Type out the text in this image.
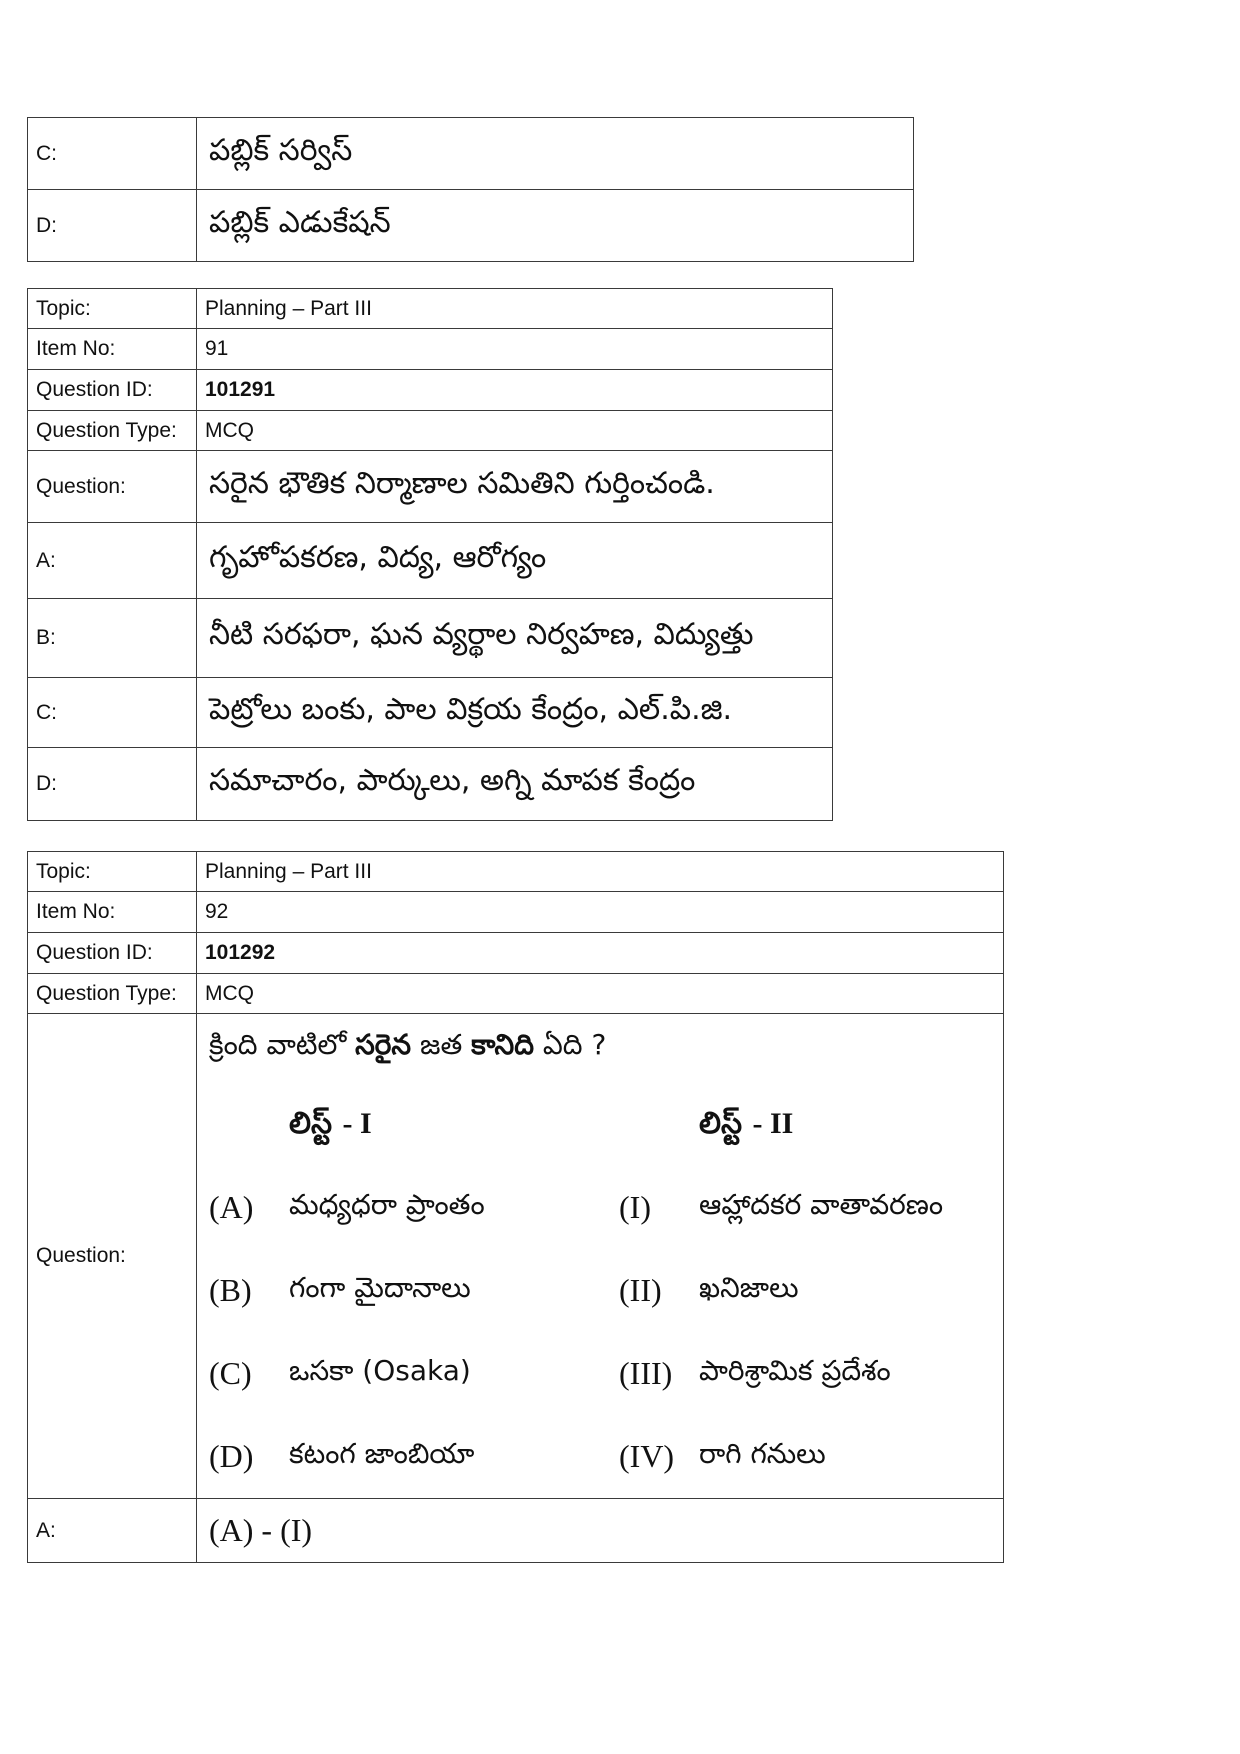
C:	పబ్లిక్ సర్విస్
D:	పబ్లిక్ ఎడుకేషన్
Topic:	Planning – Part III
Item No:	91
Question ID:	101291
Question Type:	MCQ
Question:	సరైన భౌతిక నిర్మాణాల సమితిని గుర్తించండి.
A:	గృహోపకరణ, విద్య, ఆరోగ్యం
B:	నీటి సరఫరా, ఘన వ్యర్థాల నిర్వహణ, విద్యుత్తు
C:	పెట్రోలు బంకు, పాల విక్రయ కేంద్రం, ఎల్.పి.జి.
D:	సమాచారం, పార్కులు, అగ్ని మాపక కేంద్రం
Topic:	Planning – Part III
Item No:	92
Question ID:	101292
Question Type:	MCQ
Question:	
క్రింది వాటిలో సరైన జత కానిది ఏది ?
	లిస్ట్ - I		లిస్ట్ - II
(A)	మధ్యధరా ప్రాంతం	(I)	ఆహ్లాదకర వాతావరణం
(B)	గంగా మైదానాలు	(II)	ఖనిజాలు
(C)	ఒసకా (Osaka)	(III)	పారిశ్రామిక ప్రదేశం
(D)	కటంగ జాంబియా	(IV)	రాగి గనులు

A:	(A) - (I)
